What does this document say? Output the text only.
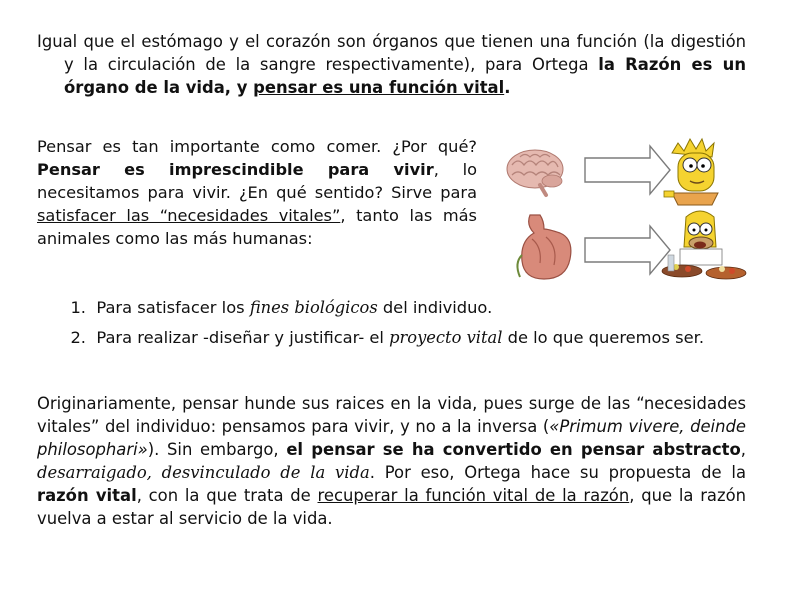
Igual que el estómago y el corazón son órganos que tienen una función (la digestión y la circulación de la sangre respectivamente), para Ortega la Razón es un órgano de la vida, y pensar es una función vital.

Pensar es tan importante como comer. ¿Por qué? Pensar es imprescindible para vivir, lo necesitamos para vivir. ¿En qué sentido? Sirve para satisfacer las “necesidades vitales”, tanto las más animales como las más humanas:

1. Para satisfacer los fines biológicos del individuo.
2. Para realizar -diseñar y justificar- el proyecto vital de lo que queremos ser.

Originariamente, pensar hunde sus raices en la vida, pues surge de las “necesidades vitales” del individuo: pensamos para vivir, y no a la inversa («Primum vivere, deinde philosophari»). Sin embargo, el pensar se ha convertido en pensar abstracto, desarraigado, desvinculado de la vida. Por eso, Ortega hace su propuesta de la razón vital, con la que trata de recuperar la función vital de la razón, que la razón vuelva a estar al servicio de la vida.
